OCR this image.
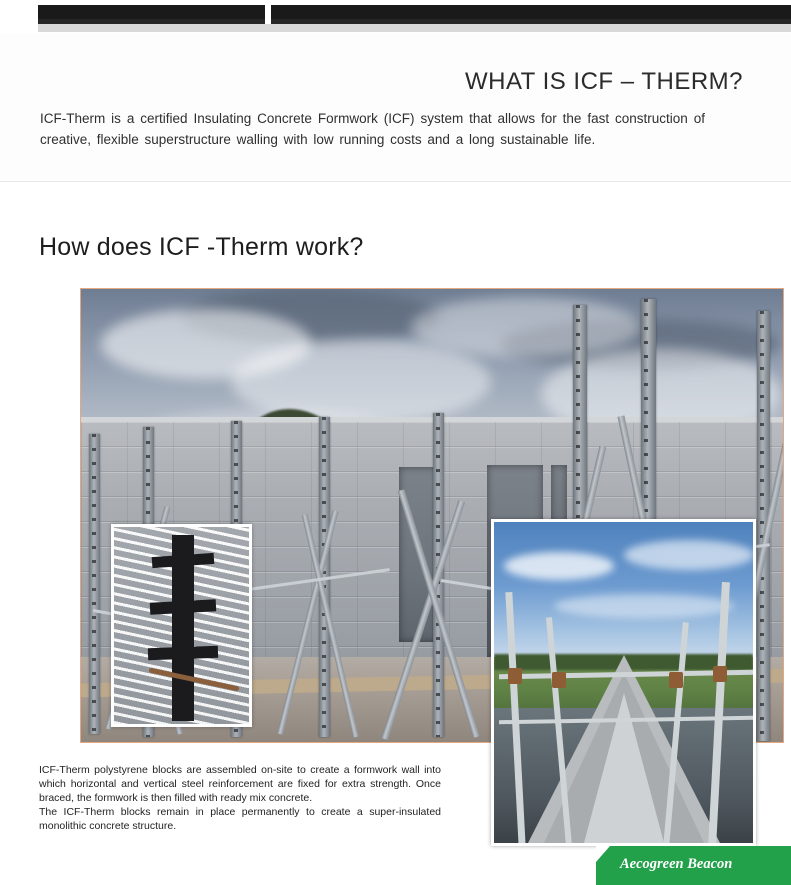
WHAT IS ICF – THERM?

ICF-Therm is a certified Insulating Concrete Formwork (ICF) system that allows for the fast construction of creative, flexible superstructure walling with low running costs and a long sustainable life.

How does ICF -Therm work?

ICF-Therm polystyrene blocks are assembled on-site to create a formwork wall into which horizontal and vertical steel reinforcement are fixed for extra strength. Once braced, the formwork is then filled with ready mix concrete.

The ICF-Therm blocks remain in place permanently to create a super-insulated monolithic concrete structure.

Aecogreen Beacon
